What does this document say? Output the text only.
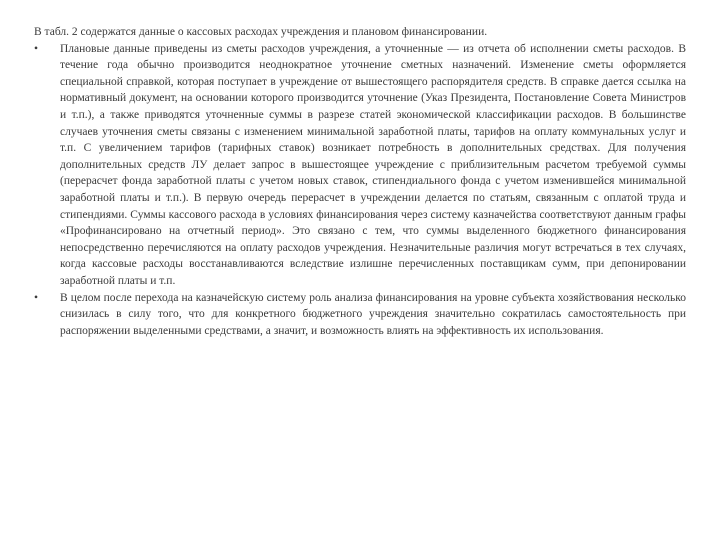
В табл. 2 содержатся данные о кассовых расходах учреждения и плановом финансировании.

•	Плановые данные приведены из сметы расходов учреждения, а уточненные — из отчета об исполнении сметы расходов. В течение года обычно производится неоднократное уточнение сметных назначений. Изменение сметы оформляется специальной справкой, которая поступает в учреждение от вышестоящего распорядителя средств. В справке дается ссылка на нормативный документ, на основании которого производится уточнение (Указ Президента, Постановление Совета Министров и т.п.), а также приводятся уточненные суммы в разрезе статей экономической классификации расходов. В большинстве случаев уточнения сметы связаны с изменением минимальной заработной платы, тарифов на оплату коммунальных услуг и т.п. С увеличением тарифов (тарифных ставок) возникает потребность в дополнительных средствах. Для получения дополнительных средств ЛУ делает запрос в вышестоящее учреждение с приблизительным расчетом требуемой суммы (перерасчет фонда заработной платы с учетом новых ставок, стипендиального фонда с учетом изменившейся минимальной заработной платы и т.п.). В первую очередь перерасчет в учреждении делается по статьям, связанным с оплатой труда и стипендиями. Суммы кассового расхода в условиях финансирования через систему казначейства соответствуют данным графы «Профинансировано на отчетный период». Это связано с тем, что суммы выделенного бюджетного финансирования непосредственно перечисляются на оплату расходов учреждения. Незначительные различия могут встречаться в тех случаях, когда кассовые расходы восстанавливаются вследствие излишне перечисленных поставщикам сумм, при депонировании заработной платы и т.п.
•	В целом после перехода на казначейскую систему роль анализа финансирования на уровне субъекта хозяйствования несколько снизилась в силу того, что для конкретного бюджетного учреждения значительно сократилась самостоятельность при распоряжении выделенными средствами, а значит, и возможность влиять на эффективность их использования.
